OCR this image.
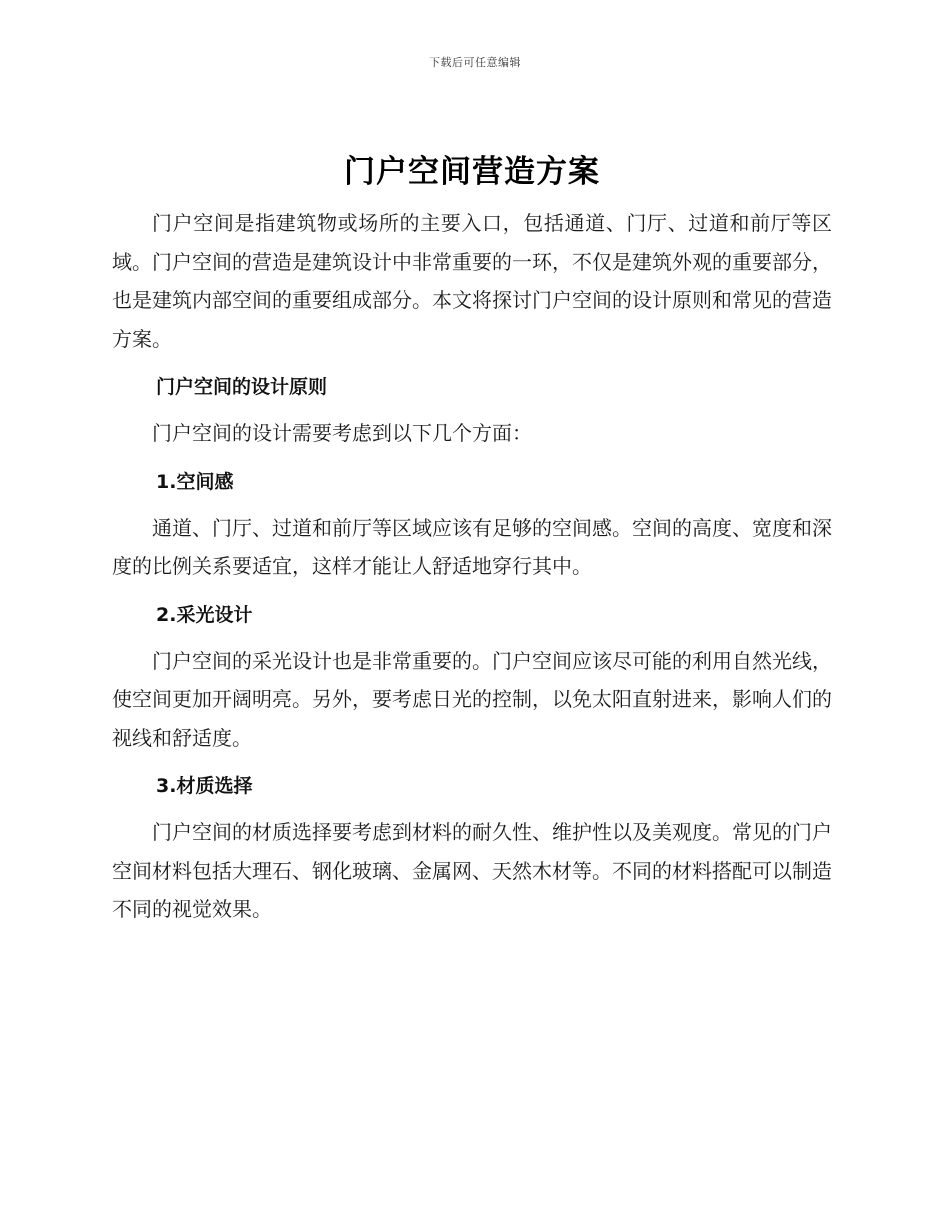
下载后可任意编辑
门户空间营造方案

门户空间是指建筑物或场所的主要入口，包括通道、门厅、过道和前厅等区域。门户空间的营造是建筑设计中非常重要的一环，不仅是建筑外观的重要部分，也是建筑内部空间的重要组成部分。本文将探讨门户空间的设计原则和常见的营造方案。

门户空间的设计原则

门户空间的设计需要考虑到以下几个方面：

1.空间感

通道、门厅、过道和前厅等区域应该有足够的空间感。空间的高度、宽度和深度的比例关系要适宜，这样才能让人舒适地穿行其中。

2.采光设计

门户空间的采光设计也是非常重要的。门户空间应该尽可能的利用自然光线，使空间更加开阔明亮。另外，要考虑日光的控制，以免太阳直射进来，影响人们的视线和舒适度。

3.材质选择

门户空间的材质选择要考虑到材料的耐久性、维护性以及美观度。常见的门户空间材料包括大理石、钢化玻璃、金属网、天然木材等。不同的材料搭配可以制造不同的视觉效果。
